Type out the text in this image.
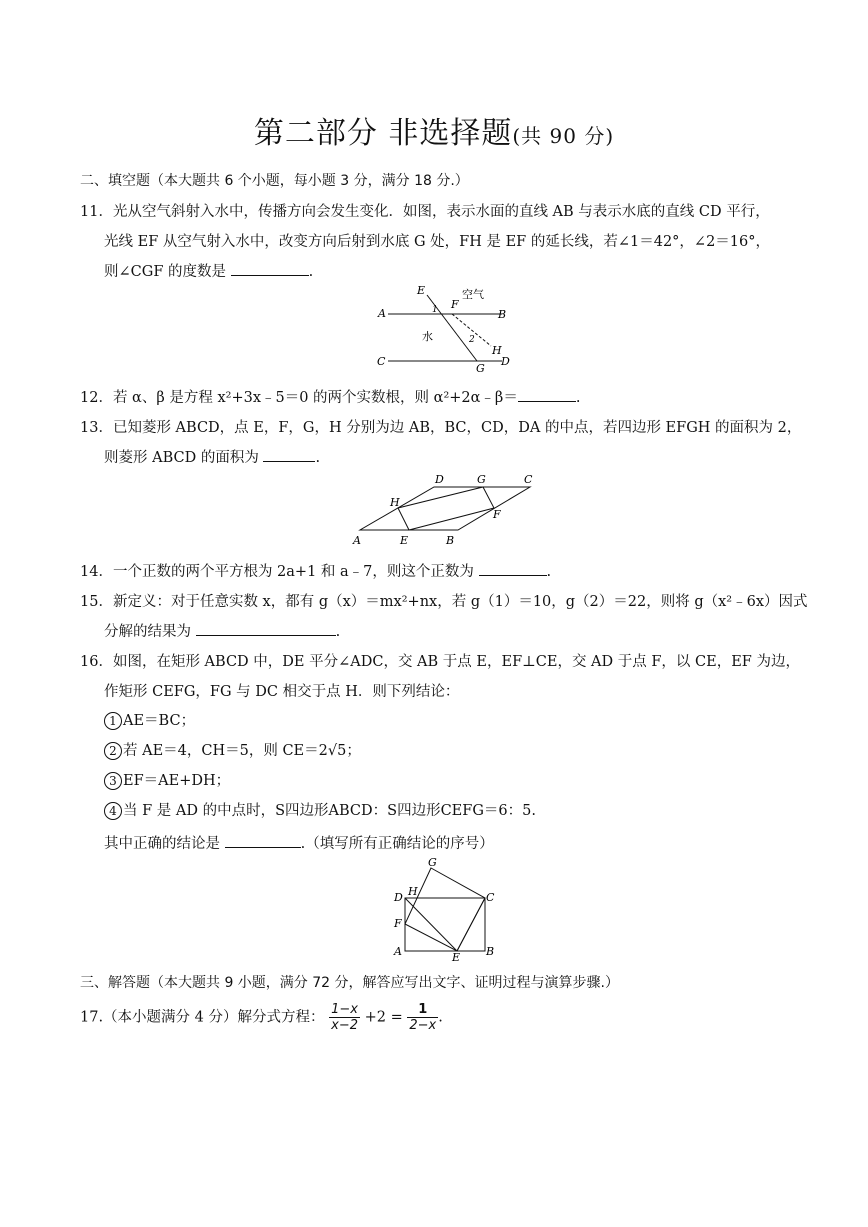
第二部分 非选择题(共 90 分)
二、填空题（本大题共 6 个小题，每小题 3 分，满分 18 分.）
11．光从空气斜射入水中，传播方向会发生变化．如图，表示水面的直线 AB 与表示水底的直线 CD 平行，
光线 EF 从空气射入水中，改变方向后射到水底 G 处，FH 是 EF 的延长线，若∠1＝42°，∠2＝16°，
则∠CGF 的度数是	.
E
F
A	B
C	D
G
H
1
2
空气
水
12．若 α、β 是方程 x²+3x﹣5＝0 的两个实数根，则 α²+2α﹣β＝	.
13．已知菱形 ABCD，点 E，F，G，H 分别为边 AB，BC，CD，DA 的中点，若四边形 EFGH 的面积为 2，
则菱形 ABCD 的面积为	.
D	G	C
H
F
A	E	B
14．一个正数的两个平方根为 2a+1 和 a﹣7，则这个正数为	.
15．新定义：对于任意实数 x，都有 g（x）＝mx²+nx，若 g（1）＝10，g（2）＝22，则将 g（x²﹣6x）因式
分解的结果为	.
16．如图，在矩形 ABCD 中，DE 平分∠ADC，交 AB 于点 E，EF⊥CE，交 AD 于点 F，以 CE，EF 为边，
作矩形 CEFG，FG 与 DC 相交于点 H．则下列结论：
1 AE＝BC；
2 若 AE＝4，CH＝5，则 CE＝2√5；
3 EF＝AE+DH；
4 当 F 是 AD 的中点时，S四边形ABCD：S四边形CEFG＝6：5.
其中正确的结论是	.（填写所有正确结论的序号）
G
D H	C
F
A	E B
三、解答题（本大题共 9 小题，满分 72 分，解答应写出文字、证明过程与演算步骤.）
17.（本小题满分 4 分）解分式方程： $\frac{1-x}{x-2} +2 = \frac{1}{2-x}$ .
